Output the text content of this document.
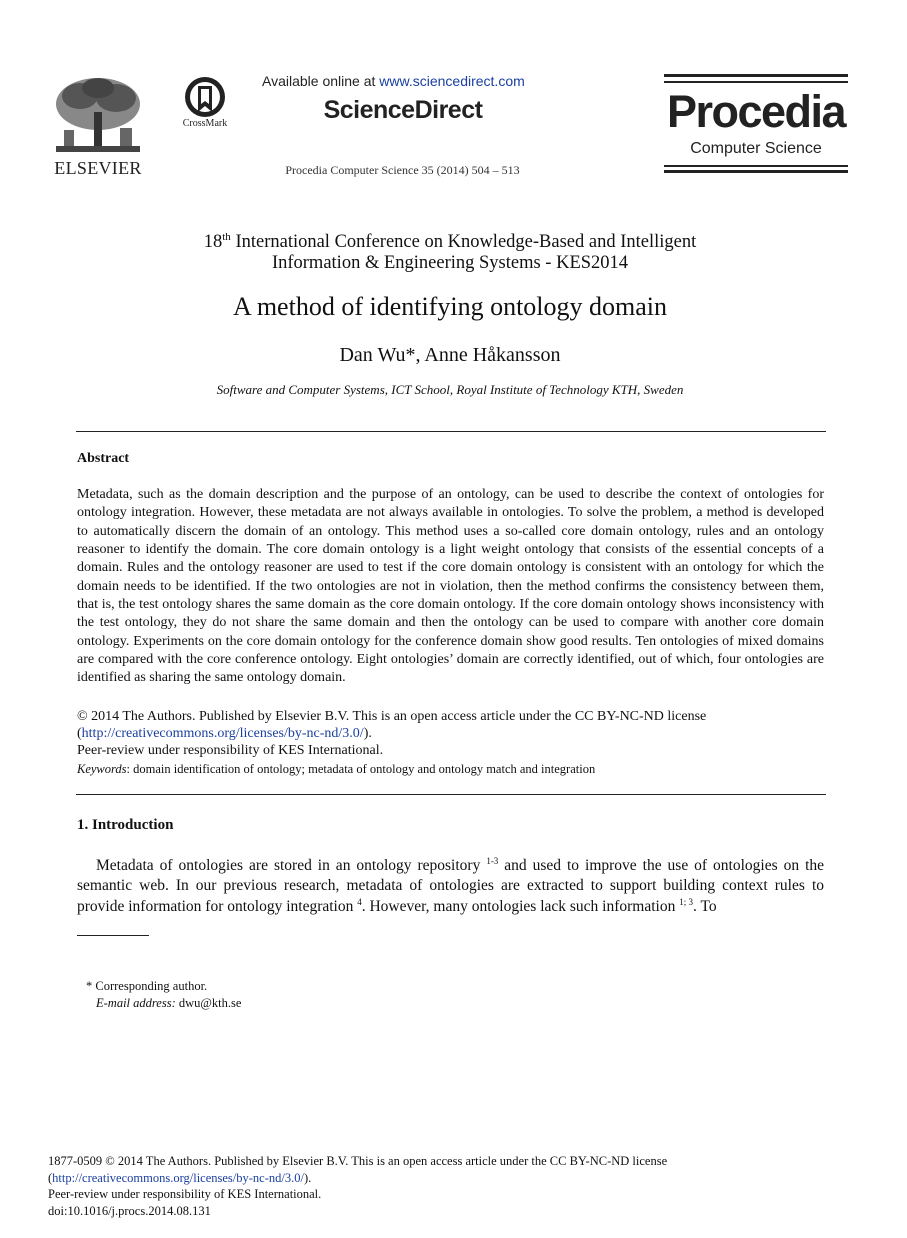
ELSEVIER
CrossMark
Available online at www.sciencedirect.com
ScienceDirect
Procedia Computer Science 35 (2014) 504 – 513
Procedia
Computer Science
18th International Conference on Knowledge-Based and Intelligent
Information & Engineering Systems - KES2014
A method of identifying ontology domain
Dan Wu*, Anne Håkansson
Software and Computer Systems, ICT School, Royal Institute of Technology KTH, Sweden
Abstract
Metadata, such as the domain description and the purpose of an ontology, can be used to describe the context of ontologies for ontology integration. However, these metadata are not always available in ontologies. To solve the problem, a method is developed to automatically discern the domain of an ontology. This method uses a so-called core domain ontology, rules and an ontology reasoner to identify the domain. The core domain ontology is a light weight ontology that consists of the essential concepts of a domain. Rules and the ontology reasoner are used to test if the core domain ontology is consistent with an ontology for which the domain needs to be identified. If the two ontologies are not in violation, then the method confirms the consistency between them, that is, the test ontology shares the same domain as the core domain ontology. If the core domain ontology shows inconsistency with the test ontology, they do not share the same domain and then the ontology can be used to compare with another core domain ontology. Experiments on the core domain ontology for the conference domain show good results. Ten ontologies of mixed domains are compared with the core conference ontology. Eight ontologies’ domain are correctly identified, out of which, four ontologies are identified as sharing the same ontology domain.
© 2014 The Authors. Published by Elsevier B.V. This is an open access article under the CC BY-NC-ND license
(http://creativecommons.org/licenses/by-nc-nd/3.0/).
Peer-review under responsibility of KES International.
Keywords: domain identification of ontology; metadata of ontology and ontology match and integration
1. Introduction
Metadata of ontologies are stored in an ontology repository $^{1-3}$ and used to improve the use of ontologies on the semantic web. In our previous research, metadata of ontologies are extracted to support building context rules to provide information for ontology integration $^4$. However, many ontologies lack such information $^{1; 3}$. To
* Corresponding author.
E-mail address: dwu@kth.se
1877-0509 © 2014 The Authors. Published by Elsevier B.V. This is an open access article under the CC BY-NC-ND license
(http://creativecommons.org/licenses/by-nc-nd/3.0/).
Peer-review under responsibility of KES International.
doi:10.1016/j.procs.2014.08.131
